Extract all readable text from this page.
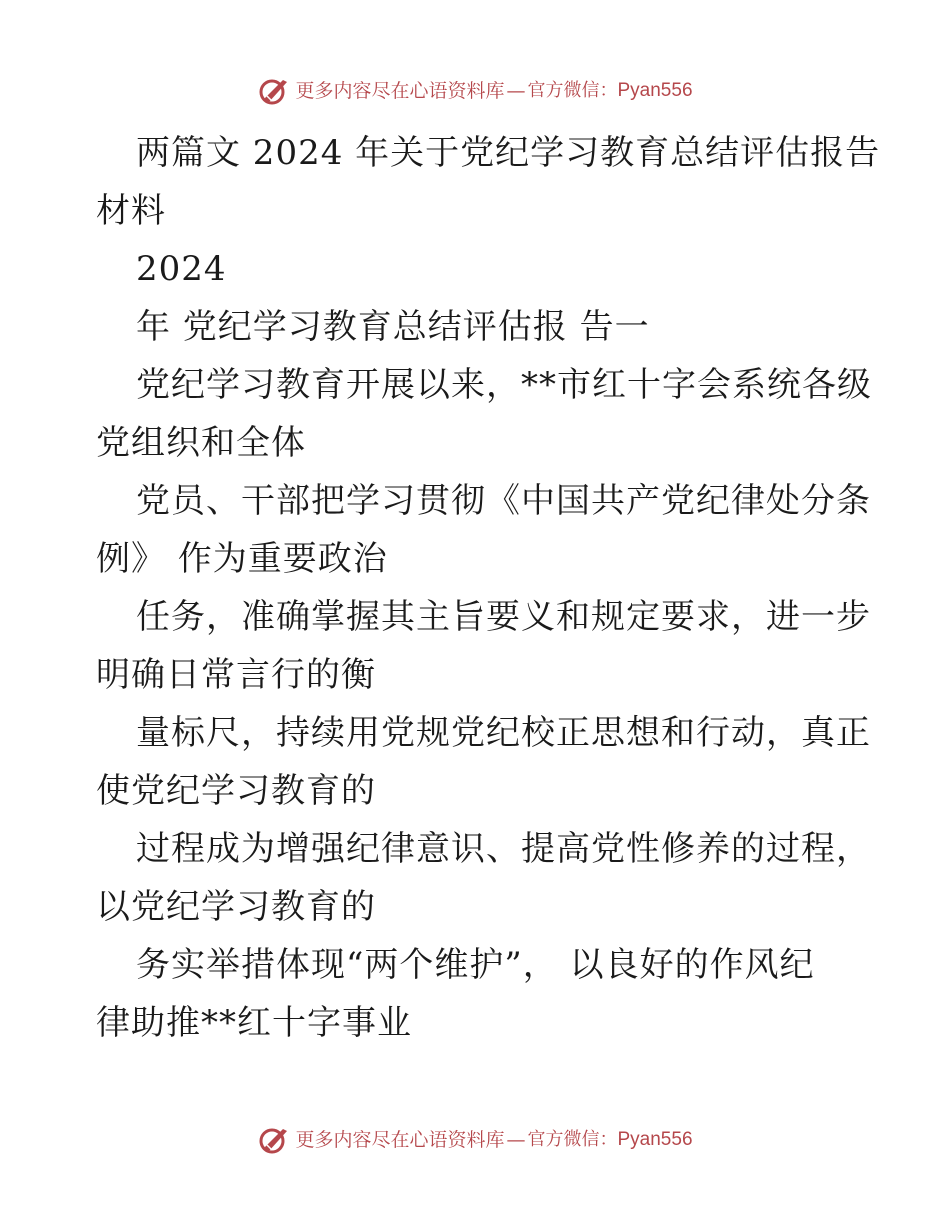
更多内容尽在心语资料库 — 官方微信： Pyan556
两篇文 2024 年关于党纪学习教育总结评估报告
材料
2024
年 党纪学习教育总结评估报 告一
党纪学习教育开展以来，**市红十字会系统各级
党组织和全体
党员、干部把学习贯彻《中国共产党纪律处分条
例》 作为重要政治
任务，准确掌握其主旨要义和规定要求，进一步
明确日常言行的衡
量标尺，持续用党规党纪校正思想和行动，真正
使党纪学习教育的
过程成为增强纪律意识、提高党性修养的过程，
以党纪学习教育的
务实举措体现“两个维护”， 以良好的作风纪
律助推**红十字事业
更多内容尽在心语资料库 — 官方微信： Pyan556
